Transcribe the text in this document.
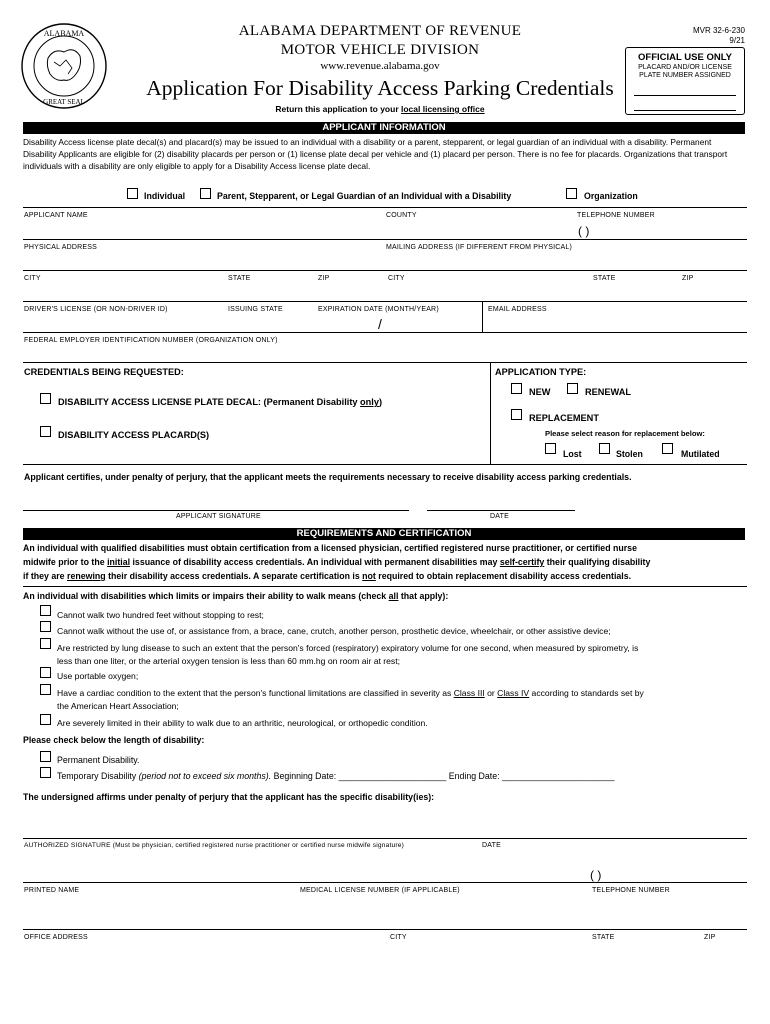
ALABAMA
GREAT SEAL
ALABAMA DEPARTMENT OF REVENUE
MOTOR VEHICLE DIVISION
www.revenue.alabama.gov
Application For Disability Access Parking Credentials
Return this application to your local licensing office
MVR 32-6-230
9/21
OFFICIAL USE ONLY
PLACARD AND/OR LICENSE
PLATE NUMBER ASSIGNED
APPLICANT INFORMATION
Disability Access license plate decal(s) and placard(s) may be issued to an individual with a disability or a parent, stepparent, or legal guardian of an individual with a disability. Permanent Disability Applicants are eligible for (2) disability placards per person or (1) license plate decal per vehicle and (1) placard per person. There is no fee for placards. Organizations that transport individuals with a disability are only eligible to apply for a Disability Access license plate decal.
Individual	Parent, Stepparent, or Legal Guardian of an Individual with a Disability	Organization
APPLICANT NAME	COUNTY	TELEPHONE NUMBER
( )
PHYSICAL ADDRESS	MAILING ADDRESS (IF DIFFERENT FROM PHYSICAL)
CITY	STATE	ZIP	CITY	STATE	ZIP
DRIVER'S LICENSE (OR NON-DRIVER ID)	ISSUING STATE	EXPIRATION DATE (MONTH/YEAR)
/
EMAIL ADDRESS
FEDERAL EMPLOYER IDENTIFICATION NUMBER (ORGANIZATION ONLY)
CREDENTIALS BEING REQUESTED:	APPLICATION TYPE:
DISABILITY ACCESS LICENSE PLATE DECAL: (Permanent Disability only)
DISABILITY ACCESS PLACARD(S)
NEW	RENEWAL
REPLACEMENT
Please select reason for replacement below:
Lost	Stolen	Mutilated
Applicant certifies, under penalty of perjury, that the applicant meets the requirements necessary to receive disability access parking credentials.
APPLICANT SIGNATURE	DATE
REQUIREMENTS AND CERTIFICATION
An individual with qualified disabilities must obtain certification from a licensed physician, certified registered nurse practitioner, or certified nurse
midwife prior to the initial issuance of disability access credentials. An individual with permanent disabilities may self-certify their qualifying disability
if they are renewing their disability access credentials. A separate certification is not required to obtain replacement disability access credentials.
An individual with disabilities which limits or impairs their ability to walk means (check all that apply):
Cannot walk two hundred feet without stopping to rest;
Cannot walk without the use of, or assistance from, a brace, cane, crutch, another person, prosthetic device, wheelchair, or other assistive device;
Are restricted by lung disease to such an extent that the person's forced (respiratory) expiratory volume for one second, when measured by spirometry, is
less than one liter, or the arterial oxygen tension is less than 60 mm.hg on room air at rest;
Use portable oxygen;
Have a cardiac condition to the extent that the person's functional limitations are classified in severity as Class III or Class IV according to standards set by
the American Heart Association;
Are severely limited in their ability to walk due to an arthritic, neurological, or orthopedic condition.
Please check below the length of disability:
Permanent Disability.
Temporary Disability (period not to exceed six months). Beginning Date: ______________________ Ending Date: _______________________
The undersigned affirms under penalty of perjury that the applicant has the specific disability(ies):
AUTHORIZED SIGNATURE (Must be physician, certified registered nurse practitioner or certified nurse midwife signature)	DATE
( )
PRINTED NAME	MEDICAL LICENSE NUMBER (IF APPLICABLE)	TELEPHONE NUMBER
OFFICE ADDRESS	CITY	STATE	ZIP
